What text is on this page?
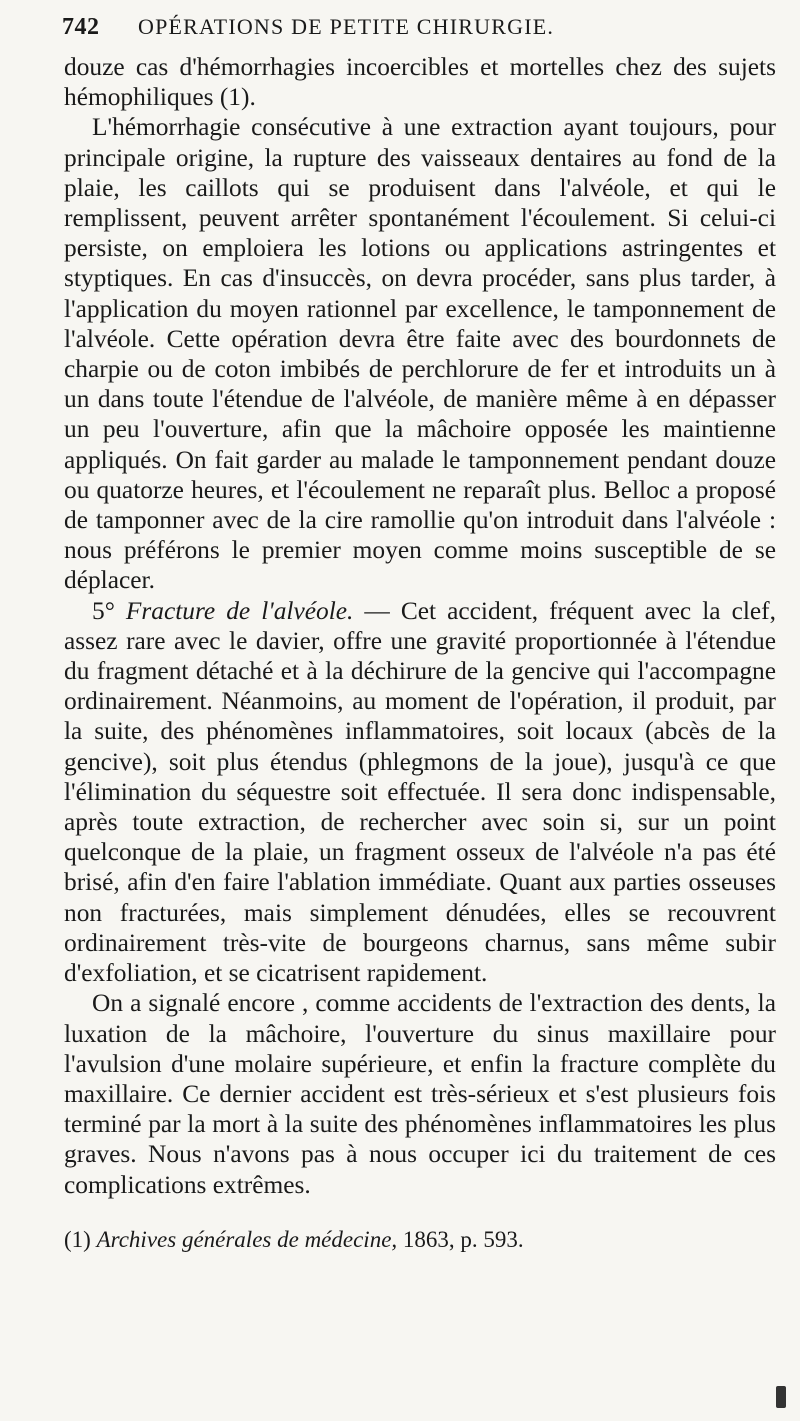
742	OPÉRATIONS DE PETITE CHIRURGIE.

douze cas d'hémorrhagies incoercibles et mortelles chez des sujets hémophiliques (1).

L'hémorrhagie consécutive à une extraction ayant toujours, pour principale origine, la rupture des vaisseaux dentaires au fond de la plaie, les caillots qui se produisent dans l'alvéole, et qui le remplissent, peuvent arrêter spontanément l'écoulement. Si celui-ci persiste, on emploiera les lotions ou applications astringentes et styptiques. En cas d'insuccès, on devra procéder, sans plus tarder, à l'application du moyen rationnel par excellence, le tamponnement de l'alvéole. Cette opération devra être faite avec des bourdonnets de charpie ou de coton imbibés de perchlorure de fer et introduits un à un dans toute l'étendue de l'alvéole, de manière même à en dépasser un peu l'ouverture, afin que la mâchoire opposée les maintienne appliqués. On fait garder au malade le tamponnement pendant douze ou quatorze heures, et l'écoulement ne reparaît plus. Belloc a proposé de tamponner avec de la cire ramollie qu'on introduit dans l'alvéole : nous préférons le premier moyen comme moins susceptible de se déplacer.

5° Fracture de l'alvéole. — Cet accident, fréquent avec la clef, assez rare avec le davier, offre une gravité proportionnée à l'étendue du fragment détaché et à la déchirure de la gencive qui l'accompagne ordinairement. Néanmoins, au moment de l'opération, il produit, par la suite, des phénomènes inflammatoires, soit locaux (abcès de la gencive), soit plus étendus (phlegmons de la joue), jusqu'à ce que l'élimination du séquestre soit effectuée. Il sera donc indispensable, après toute extraction, de rechercher avec soin si, sur un point quelconque de la plaie, un fragment osseux de l'alvéole n'a pas été brisé, afin d'en faire l'ablation immédiate. Quant aux parties osseuses non fracturées, mais simplement dénudées, elles se recouvrent ordinairement très-vite de bourgeons charnus, sans même subir d'exfoliation, et se cicatrisent rapidement.

On a signalé encore , comme accidents de l'extraction des dents, la luxation de la mâchoire, l'ouverture du sinus maxillaire pour l'avulsion d'une molaire supérieure, et enfin la fracture complète du maxillaire. Ce dernier accident est très-sérieux et s'est plusieurs fois terminé par la mort à la suite des phénomènes inflammatoires les plus graves. Nous n'avons pas à nous occuper ici du traitement de ces complications extrêmes.

(1) Archives générales de médecine, 1863, p. 593.
